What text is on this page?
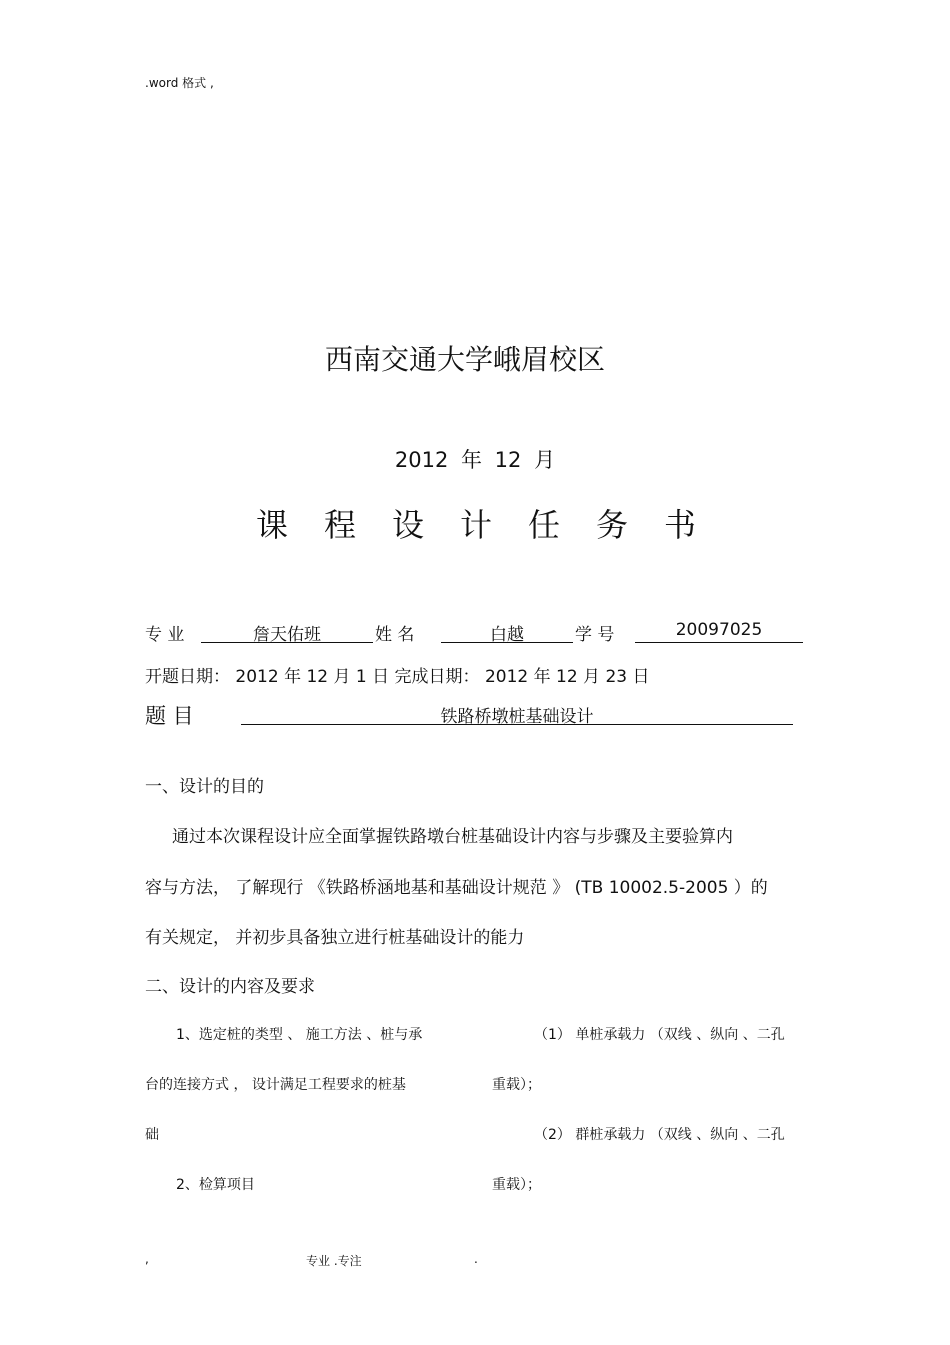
.word 格式 ,
西南交通大学峨眉校区
2012 年 12 月
课程设计任务书
专 业	詹天佑班	姓 名	白越	学 号	20097025
开题日期： 2012 年 12 月 1 日 完成日期： 2012 年 12 月 23 日
题 目	铁路桥墩桩基础设计
一、设计的目的
通过本次课程设计应全面掌握铁路墩台桩基础设计内容与步骤及主要验算内
容与方法， 了解现行 《铁路桥涵地基和基础设计规范 》 (TB 10002.5-2005 ）的
有关规定， 并初步具备独立进行桩基础设计的能力
二、设计的内容及要求
1、选定桩的类型 、 施工方法 、桩与承
台的连接方式 ， 设计满足工程要求的桩基
础
2、检算项目
（1） 单桩承载力 （双线 、纵向 、二孔
重载）；
（2） 群桩承载力 （双线 、纵向 、二孔
重载）；
,	专业 .专注	.
